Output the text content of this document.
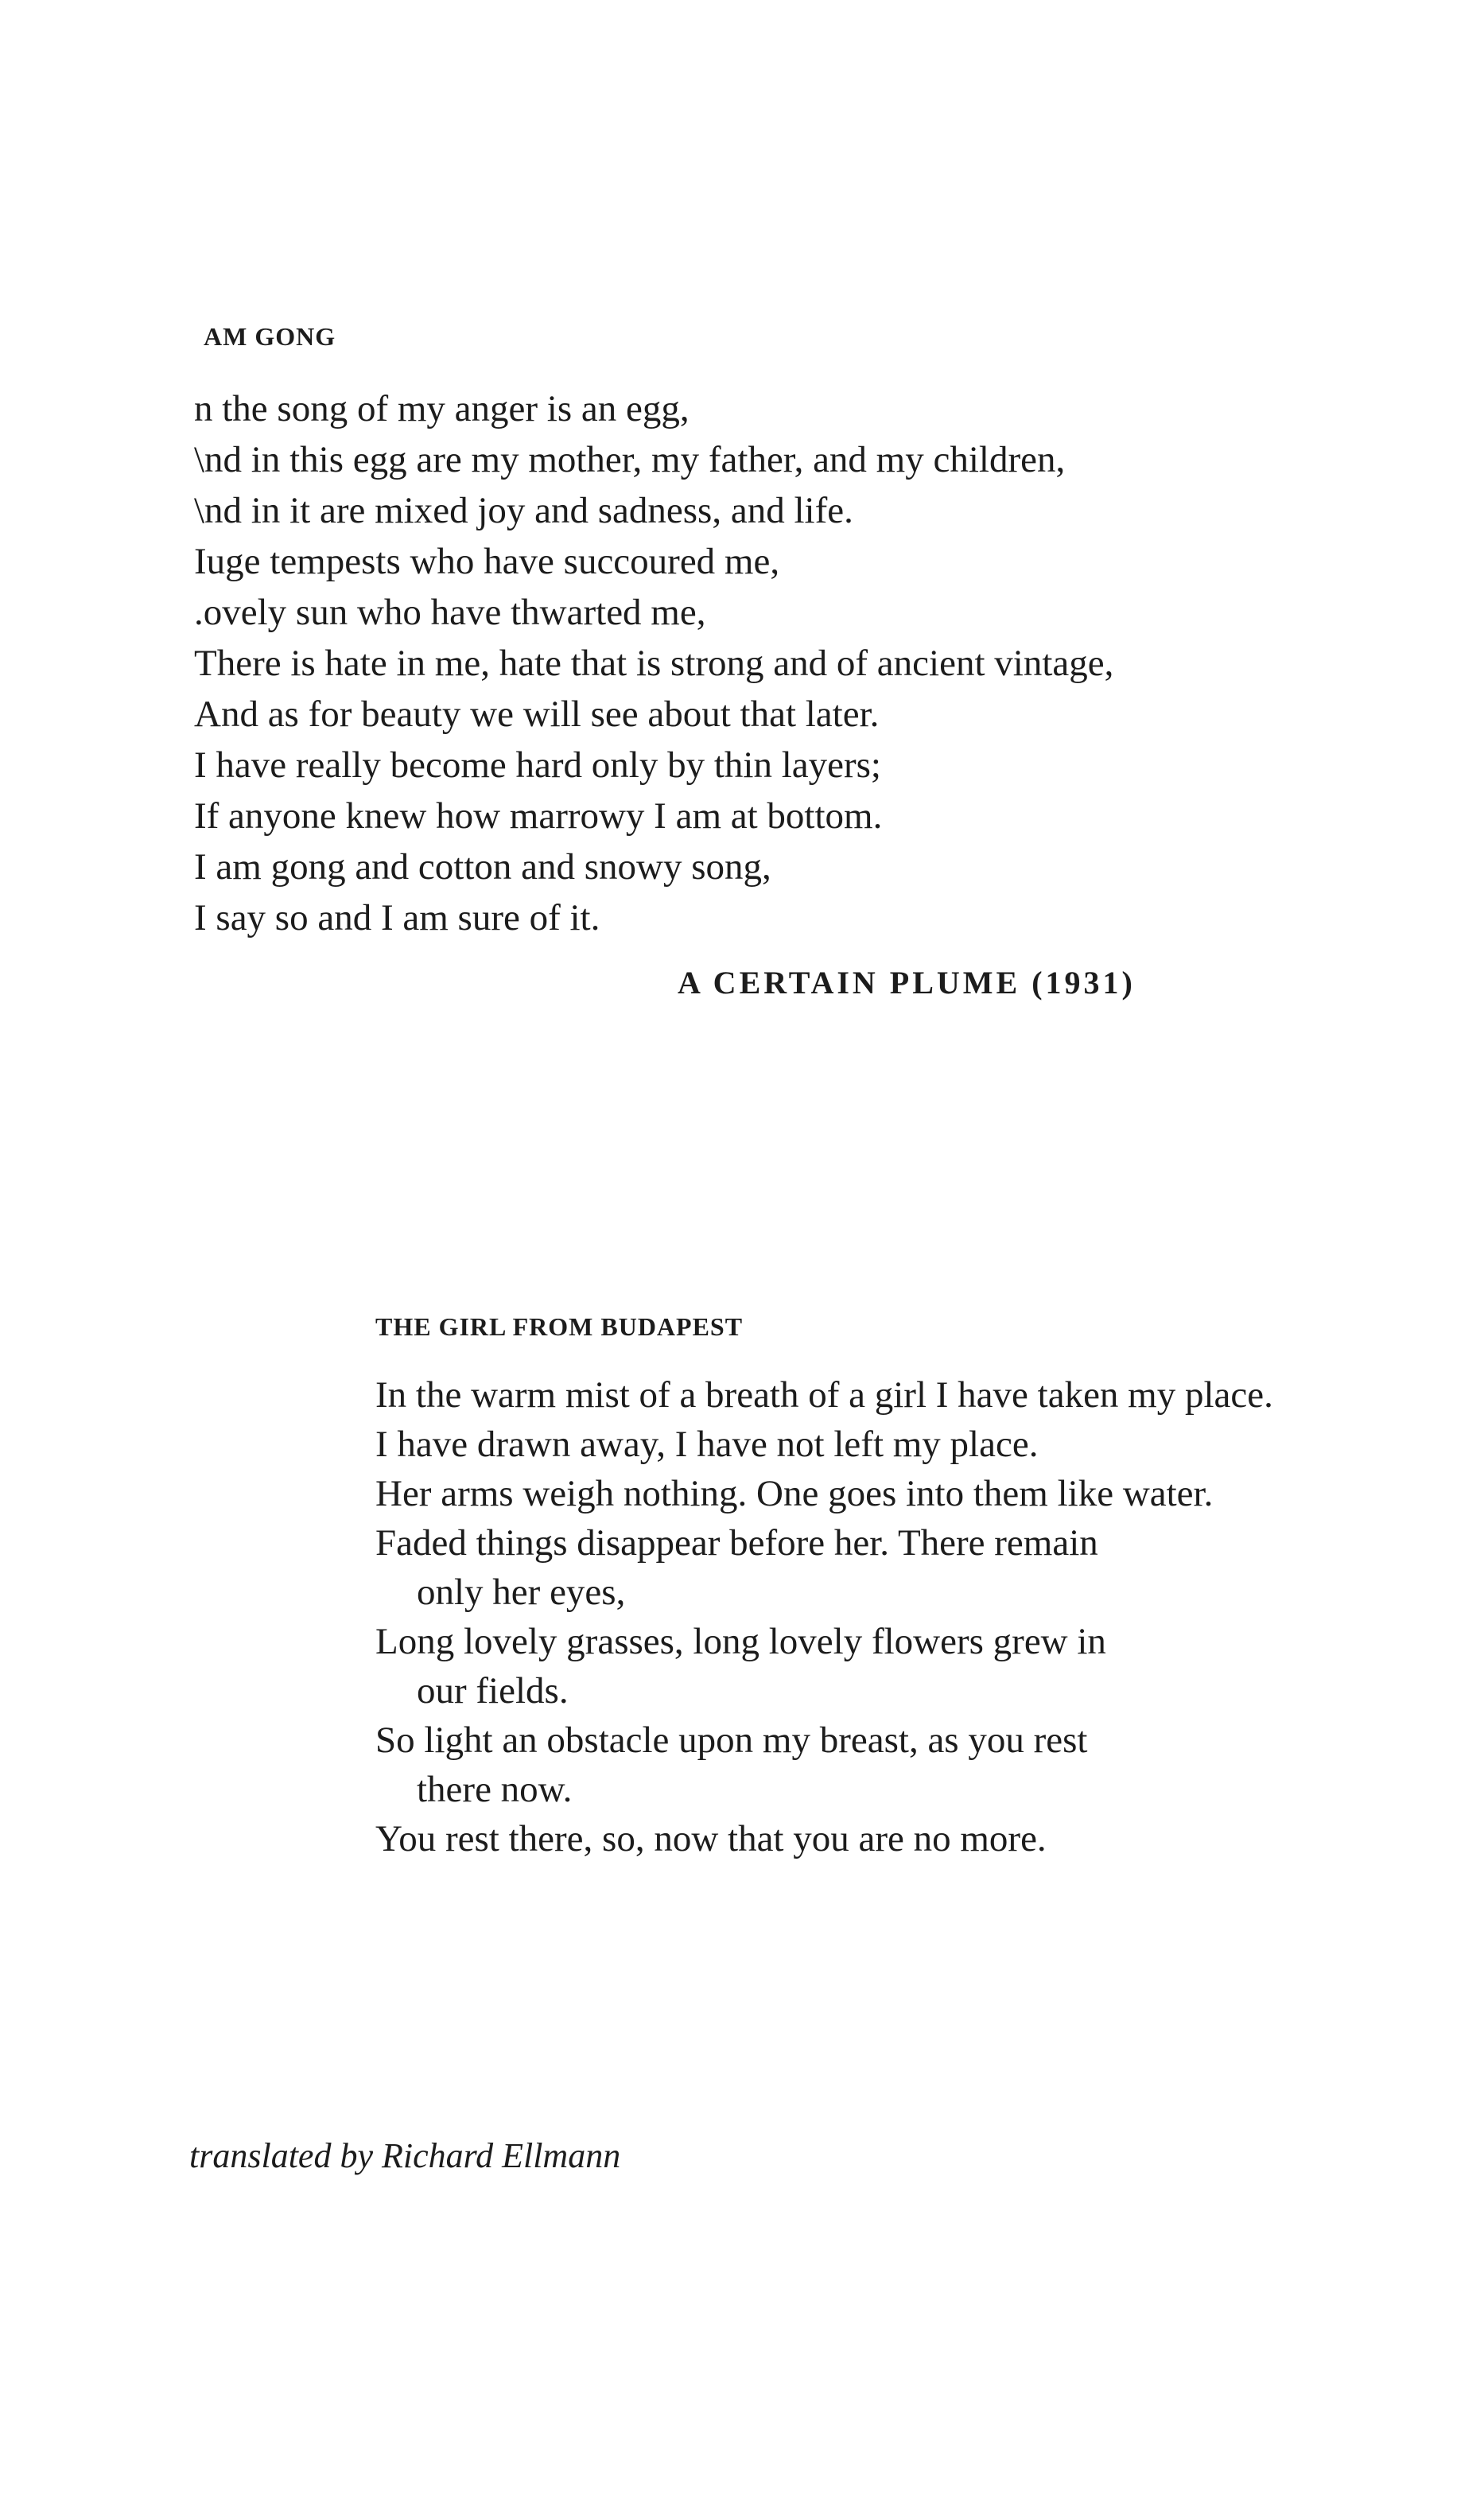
AM GONG
n the song of my anger is an egg,
\nd in this egg are my mother, my father, and my children,
\nd in it are mixed joy and sadness, and life.
Iuge tempests who have succoured me,
.ovely sun who have thwarted me,
There is hate in me, hate that is strong and of ancient vintage,
And as for beauty we will see about that later.
I have really become hard only by thin layers;
If anyone knew how marrowy I am at bottom.
I am gong and cotton and snowy song,
I say so and I am sure of it.
A CERTAIN PLUME (1931)
THE GIRL FROM BUDAPEST
In the warm mist of a breath of a girl I have taken my place.
I have drawn away, I have not left my place.
Her arms weigh nothing. One goes into them like water.
Faded things disappear before her. There remain
only her eyes,
Long lovely grasses, long lovely flowers grew in
our fields.
So light an obstacle upon my breast, as you rest
there now.
You rest there, so, now that you are no more.
translated by Richard Ellmann
